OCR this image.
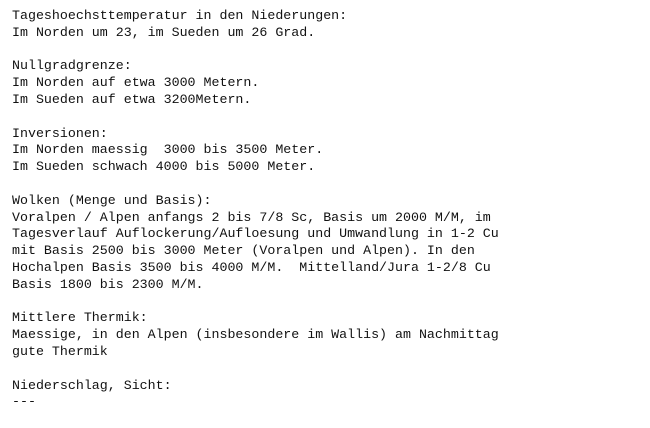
Tageshoechsttemperatur in den Niederungen:
Im Norden um 23, im Sueden um 26 Grad.
Nullgradgrenze:
Im Norden auf etwa 3000 Metern.
Im Sueden auf etwa 3200Metern.
Inversionen:
Im Norden maessig  3000 bis 3500 Meter.
Im Sueden schwach 4000 bis 5000 Meter.
Wolken (Menge und Basis):
Voralpen / Alpen anfangs 2 bis 7/8 Sc, Basis um 2000 M/M, im
Tagesverlauf Auflockerung/Aufloesung und Umwandlung in 1-2 Cu
mit Basis 2500 bis 3000 Meter (Voralpen und Alpen). In den
Hochalpen Basis 3500 bis 4000 M/M.  Mittelland/Jura 1-2/8 Cu
Basis 1800 bis 2300 M/M.
Mittlere Thermik:
Maessige, in den Alpen (insbesondere im Wallis) am Nachmittag
gute Thermik
Niederschlag, Sicht:
---
